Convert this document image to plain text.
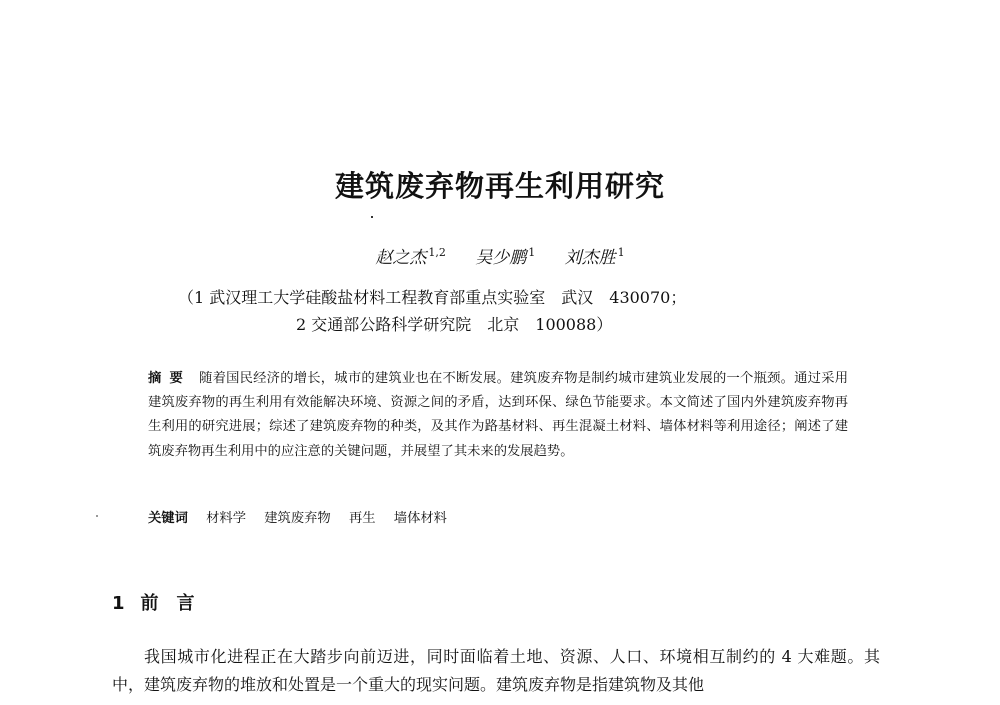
建筑废弃物再生利用研究
赵之杰 $^{1,2}$ 吴少鹏 $^1$ 刘杰胜 $^1$
（1 武汉理工大学硅酸盐材料工程教育部重点实验室　武汉　430070；
2 交通部公路科学研究院　北京　100088）
摘要 随着国民经济的增长，城市的建筑业也在不断发展。建筑废弃物是制约城市建筑业发展的一个瓶颈。通过采用建筑废弃物的再生利用有效能解决环境、资源之间的矛盾，达到环保、绿色节能要求。本文简述了国内外建筑废弃物再生利用的研究进展；综述了建筑废弃物的种类，及其作为路基材料、再生混凝土材料、墙体材料等利用途径；阐述了建筑废弃物再生利用中的应注意的关键问题，并展望了其未来的发展趋势。
关键词 材料学 建筑废弃物 再生 墙体材料
1 前言
我国城市化进程正在大踏步向前迈进，同时面临着土地、资源、人口、环境相互制约的 4 大难题。其中，建筑废弃物的堆放和处置是一个重大的现实问题。建筑废弃物是指建筑物及其他
